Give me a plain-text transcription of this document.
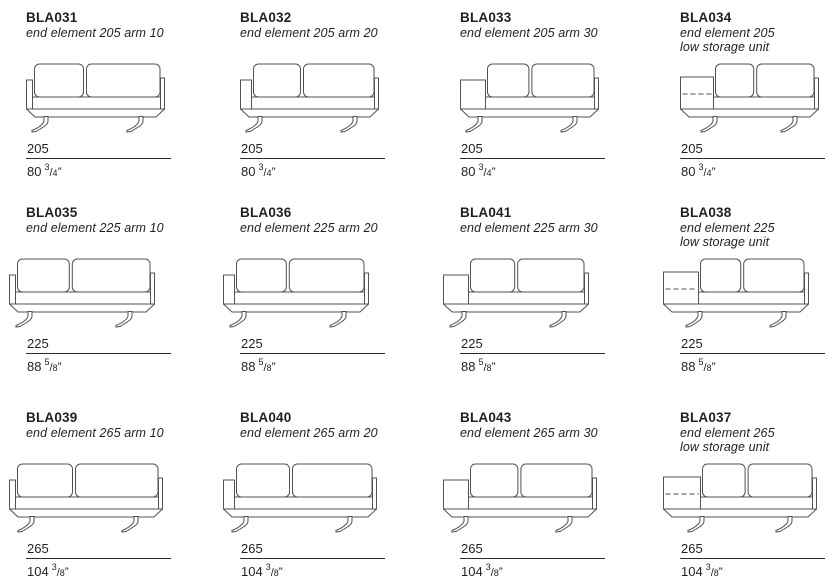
BLA031

end element 205 arm 10

205
80 $^3$/4”
BLA032

end element 205 arm 20

205
80 $^3$/4”
BLA033

end element 205 arm 30

205
80 $^3$/4”
BLA034

end element 205

low storage unit

205
80 $^3$/4”
BLA035

end element 225 arm 10

225
88 $^5$/8”
BLA036

end element 225 arm 20

225
88 $^5$/8”
BLA041

end element 225 arm 30

225
88 $^5$/8”
BLA038

end element 225

low storage unit

225
88 $^5$/8”
BLA039

end element 265 arm 10

265
104 $^3$/8”
BLA040

end element 265 arm 20

265
104 $^3$/8”
BLA043

end element 265 arm 30

265
104 $^3$/8”
BLA037

end element 265

low storage unit

265
104 $^3$/8”
